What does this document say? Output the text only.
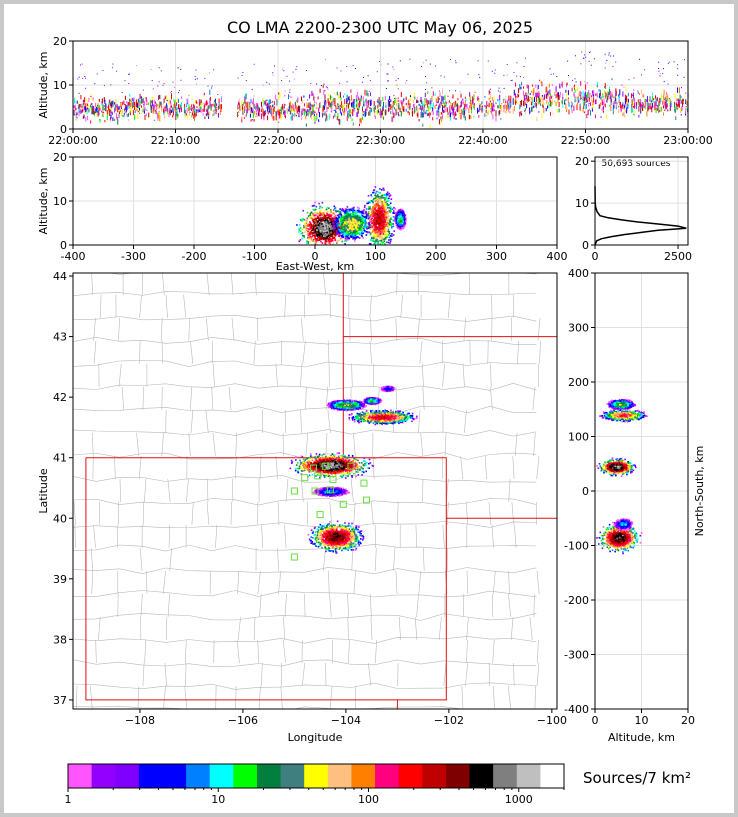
CO LMA 2200-2300 UTC May 06, 2025
22:00:00	22:10:00	22:20:00	22:30:00	22:40:00	22:50:00	23:00:00
0
10
20
Altitude, km
-400	-300	-200	-100	0	100	200	300	400
0
10
20
East-West, km
Altitude, km
50,693 sources
0	2500
0
10
20
−108	−106	−104	−102	−100
37
38
39
40
41
42
43
44
Longitude
Latitude
0	10	20
-400
-300
-200
-100
0
100
200
300
400
Altitude, km
North-South, km
Sources/7 km²
1	10	100	1000
